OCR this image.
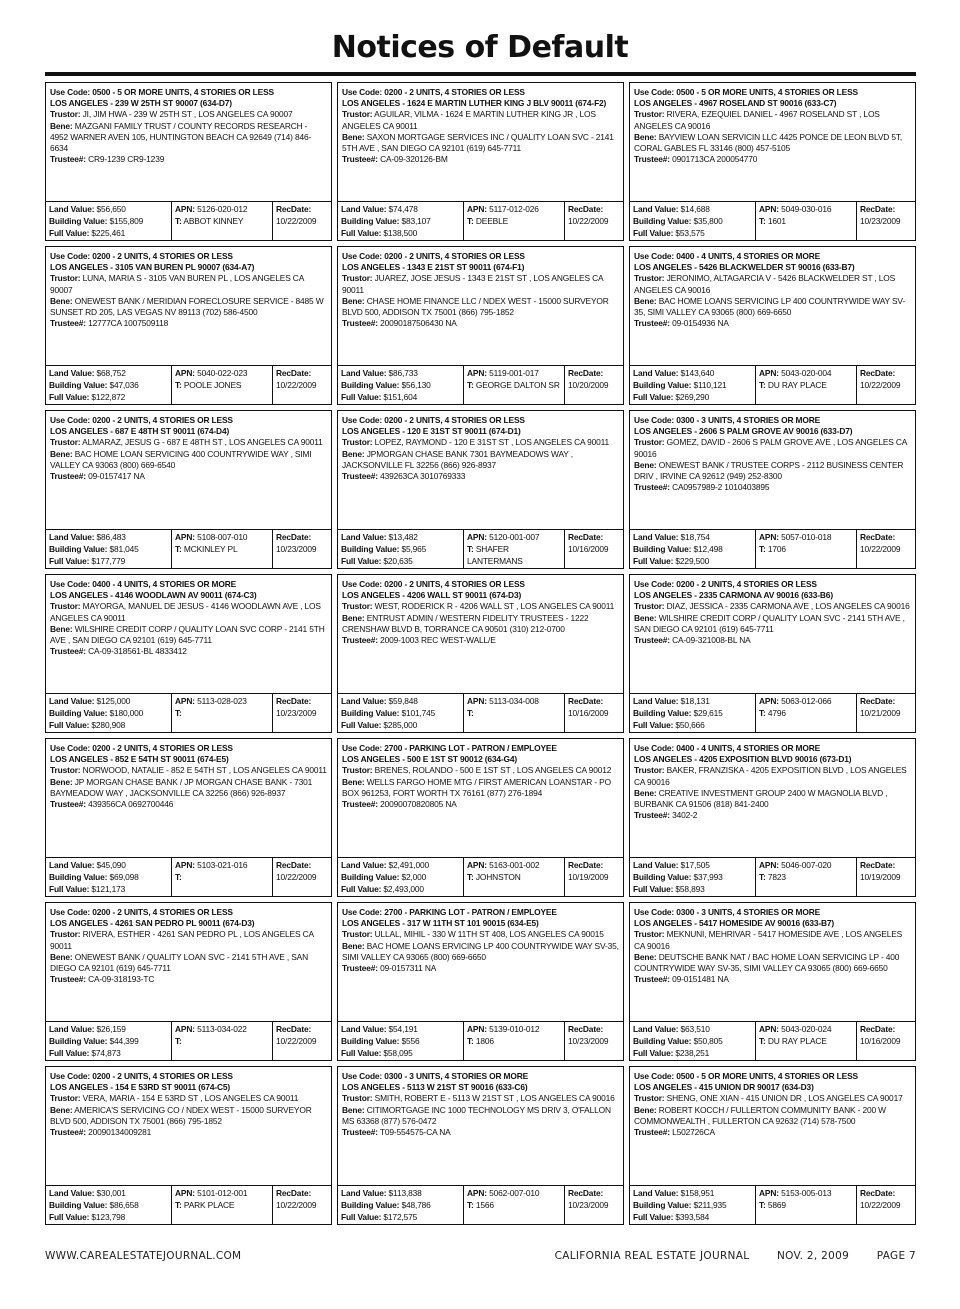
Notices of Default
Use Code: 0500 - 5 OR MORE UNITS, 4 STORIES OR LESS
LOS ANGELES - 239 W 25TH ST 90007 (634-D7)
Trustor: JI, JIM HWA - 239 W 25TH ST , LOS ANGELES CA 90007
Bene: MAZGANI FAMILY TRUST / COUNTY RECORDS RESEARCH - 4952 WARNER AVEN 105, HUNTINGTON BEACH CA 92649 (714) 846-6634
Trustee#: CR9-1239 CR9-1239
Land Value: $56,650
Building Value: $155,809
Full Value: $225,461
APN: 5126-020-012
T: ABBOT KINNEY
RecDate:
10/22/2009
Use Code: 0200 - 2 UNITS, 4 STORIES OR LESS
LOS ANGELES - 3105 VAN BUREN PL 90007 (634-A7)
Trustor: LUNA, MARIA S - 3105 VAN BUREN PL , LOS ANGELES CA 90007
Bene: ONEWEST BANK / MERIDIAN FORECLOSURE SERVICE - 8485 W SUNSET RD 205, LAS VEGAS NV 89113 (702) 586-4500
Trustee#: 12777CA 1007509118
Land Value: $68,752
Building Value: $47,036
Full Value: $122,872
APN: 5040-022-023
T: POOLE JONES
RecDate:
10/22/2009
Use Code: 0200 - 2 UNITS, 4 STORIES OR LESS
LOS ANGELES - 687 E 48TH ST 90011 (674-D4)
Trustor: ALMARAZ, JESUS G - 687 E 48TH ST , LOS ANGELES CA 90011
Bene: BAC HOME LOAN SERVICING 400 COUNTRYWIDE WAY , SIMI VALLEY CA 93063 (800) 669-6540
Trustee#: 09-0157417 NA
Land Value: $86,483
Building Value: $81,045
Full Value: $177,779
APN: 5108-007-010
T: MCKINLEY PL
RecDate:
10/23/2009
Use Code: 0400 - 4 UNITS, 4 STORIES OR MORE
LOS ANGELES - 4146 WOODLAWN AV 90011 (674-C3)
Trustor: MAYORGA, MANUEL DE JESUS - 4146 WOODLAWN AVE , LOS ANGELES CA 90011
Bene: WILSHIRE CREDIT CORP / QUALITY LOAN SVC CORP - 2141 5TH AVE , SAN DIEGO CA 92101 (619) 645-7711
Trustee#: CA-09-318561-BL 4833412
Land Value: $125,000
Building Value: $180,000
Full Value: $280,908
APN: 5113-028-023
T:
RecDate:
10/23/2009
Use Code: 0200 - 2 UNITS, 4 STORIES OR LESS
LOS ANGELES - 852 E 54TH ST 90011 (674-E5)
Trustor: NORWOOD, NATALIE - 852 E 54TH ST , LOS ANGELES CA 90011
Bene: JP MORGAN CHASE BANK / JP MORGAN CHASE BANK - 7301 BAYMEADOW WAY , JACKSONVILLE CA 32256 (866) 926-8937
Trustee#: 439356CA 0692700446
Land Value: $45,090
Building Value: $69,098
Full Value: $121,173
APN: 5103-021-016
T:
RecDate:
10/22/2009
Use Code: 0200 - 2 UNITS, 4 STORIES OR LESS
LOS ANGELES - 4261 SAN PEDRO PL 90011 (674-D3)
Trustor: RIVERA, ESTHER - 4261 SAN PEDRO PL , LOS ANGELES CA 90011
Bene: ONEWEST BANK / QUALITY LOAN SVC - 2141 5TH AVE , SAN DIEGO CA 92101 (619) 645-7711
Trustee#: CA-09-318193-TC
Land Value: $26,159
Building Value: $44,399
Full Value: $74,873
APN: 5113-034-022
T:
RecDate:
10/22/2009
Use Code: 0200 - 2 UNITS, 4 STORIES OR LESS
LOS ANGELES - 154 E 53RD ST 90011 (674-C5)
Trustor: VERA, MARIA - 154 E 53RD ST , LOS ANGELES CA 90011
Bene: AMERICA'S SERVICING CO / NDEX WEST - 15000 SURVEYOR BLVD 500, ADDISON TX 75001 (866) 795-1852
Trustee#: 20090134009281
Land Value: $30,001
Building Value: $86,658
Full Value: $123,798
APN: 5101-012-001
T: PARK PLACE
RecDate:
10/22/2009
Use Code: 0200 - 2 UNITS, 4 STORIES OR LESS
LOS ANGELES - 1624 E MARTIN LUTHER KING J BLV 90011 (674-F2)
Trustor: AGUILAR, VILMA - 1624 E MARTIN LUTHER KING JR , LOS ANGELES CA 90011
Bene: SAXON MORTGAGE SERVICES INC / QUALITY LOAN SVC - 2141 5TH AVE , SAN DIEGO CA 92101 (619) 645-7711
Trustee#: CA-09-320126-BM
Land Value: $74,478
Building Value: $83,107
Full Value: $138,500
APN: 5117-012-026
T: DEEBLE
RecDate:
10/22/2009
Use Code: 0200 - 2 UNITS, 4 STORIES OR LESS
LOS ANGELES - 1343 E 21ST ST 90011 (674-F1)
Trustor: JUAREZ, JOSE JESUS - 1343 E 21ST ST , LOS ANGELES CA 90011
Bene: CHASE HOME FINANCE LLC / NDEX WEST - 15000 SURVEYOR BLVD 500, ADDISON TX 75001 (866) 795-1852
Trustee#: 20090187506430 NA
Land Value: $86,733
Building Value: $56,130
Full Value: $151,604
APN: 5119-001-017
T: GEORGE DALTON SR
RecDate:
10/20/2009
Use Code: 0200 - 2 UNITS, 4 STORIES OR LESS
LOS ANGELES - 120 E 31ST ST 90011 (674-D1)
Trustor: LOPEZ, RAYMOND - 120 E 31ST ST , LOS ANGELES CA 90011
Bene: JPMORGAN CHASE BANK 7301 BAYMEADOWS WAY , JACKSONVILLE FL 32256 (866) 926-8937
Trustee#: 439263CA 3010769333
Land Value: $13,482
Building Value: $5,965
Full Value: $20,635
APN: 5120-001-007
T: SHAFER LANTERMANS
RecDate:
10/16/2009
Use Code: 0200 - 2 UNITS, 4 STORIES OR LESS
LOS ANGELES - 4206 WALL ST 90011 (674-D3)
Trustor: WEST, RODERICK R - 4206 WALL ST , LOS ANGELES CA 90011
Bene: ENTRUST ADMIN / WESTERN FIDELITY TRUSTEES - 1222 CRENSHAW BLVD B, TORRANCE CA 90501 (310) 212-0700
Trustee#: 2009-1003 REC WEST-WALL/E
Land Value: $59,848
Building Value: $101,745
Full Value: $285,000
APN: 5113-034-008
T:
RecDate:
10/16/2009
Use Code: 2700 - PARKING LOT - PATRON / EMPLOYEE
LOS ANGELES - 500 E 1ST ST 90012 (634-G4)
Trustor: BRENES, ROLANDO - 500 E 1ST ST , LOS ANGELES CA 90012
Bene: WELLS FARGO HOME MTG / FIRST AMERICAN LOANSTAR - PO BOX 961253, FORT WORTH TX 76161 (877) 276-1894
Trustee#: 20090070820805 NA
Land Value: $2,491,000
Building Value: $2,000
Full Value: $2,493,000
APN: 5163-001-002
T: JOHNSTON
RecDate:
10/19/2009
Use Code: 2700 - PARKING LOT - PATRON / EMPLOYEE
LOS ANGELES - 317 W 11TH ST 101 90015 (634-E5)
Trustor: ULLAL, MIHIL - 330 W 11TH ST 408, LOS ANGELES CA 90015
Bene: BAC HOME LOANS ERVICING LP 400 COUNTRYWIDE WAY SV-35, SIMI VALLEY CA 93065 (800) 669-6650
Trustee#: 09-0157311 NA
Land Value: $54,191
Building Value: $556
Full Value: $58,095
APN: 5139-010-012
T: 1806
RecDate:
10/23/2009
Use Code: 0300 - 3 UNITS, 4 STORIES OR MORE
LOS ANGELES - 5113 W 21ST ST 90016 (633-C6)
Trustor: SMITH, ROBERT E - 5113 W 21ST ST , LOS ANGELES CA 90016
Bene: CITIMORTGAGE INC 1000 TECHNOLOGY MS DRIV 3, O'FALLON MS 63368 (877) 576-0472
Trustee#: T09-554575-CA NA
Land Value: $113,838
Building Value: $48,786
Full Value: $172,575
APN: 5062-007-010
T: 1566
RecDate:
10/23/2009
Use Code: 0500 - 5 OR MORE UNITS, 4 STORIES OR LESS
LOS ANGELES - 4967 ROSELAND ST 90016 (633-C7)
Trustor: RIVERA, EZEQUIEL DANIEL - 4967 ROSELAND ST , LOS ANGELES CA 90016
Bene: BAYVIEW LOAN SERVICIN LLC 4425 PONCE DE LEON BLVD 5T, CORAL GABLES FL 33146 (800) 457-5105
Trustee#: 0901713CA 200054770
Land Value: $14,688
Building Value: $35,800
Full Value: $53,575
APN: 5049-030-016
T: 1601
RecDate:
10/23/2009
Use Code: 0400 - 4 UNITS, 4 STORIES OR MORE
LOS ANGELES - 5426 BLACKWELDER ST 90016 (633-B7)
Trustor: JERONIMO, ALTAGARCIA V - 5426 BLACKWELDER ST , LOS ANGELES CA 90016
Bene: BAC HOME LOANS SERVICING LP 400 COUNTRYWIDE WAY SV-35, SIMI VALLEY CA 93065 (800) 669-6650
Trustee#: 09-0154936 NA
Land Value: $143,640
Building Value: $110,121
Full Value: $269,290
APN: 5043-020-004
T: DU RAY PLACE
RecDate:
10/22/2009
Use Code: 0300 - 3 UNITS, 4 STORIES OR MORE
LOS ANGELES - 2606 S PALM GROVE AV 90016 (633-D7)
Trustor: GOMEZ, DAVID - 2606 S PALM GROVE AVE , LOS ANGELES CA 90016
Bene: ONEWEST BANK / TRUSTEE CORPS - 2112 BUSINESS CENTER DRIV , IRVINE CA 92612 (949) 252-8300
Trustee#: CA0957989-2 1010403895
Land Value: $18,754
Building Value: $12,498
Full Value: $229,500
APN: 5057-010-018
T: 1706
RecDate:
10/22/2009
Use Code: 0200 - 2 UNITS, 4 STORIES OR LESS
LOS ANGELES - 2335 CARMONA AV 90016 (633-B6)
Trustor: DIAZ, JESSICA - 2335 CARMONA AVE , LOS ANGELES CA 90016
Bene: WILSHIRE CREDIT CORP / QUALITY LOAN SVC - 2141 5TH AVE , SAN DIEGO CA 92101 (619) 645-7711
Trustee#: CA-09-321008-BL NA
Land Value: $18,131
Building Value: $29,615
Full Value: $50,666
APN: 5063-012-066
T: 4796
RecDate:
10/21/2009
Use Code: 0400 - 4 UNITS, 4 STORIES OR MORE
LOS ANGELES - 4205 EXPOSITION BLVD 90016 (673-D1)
Trustor: BAKER, FRANZISKA - 4205 EXPOSITION BLVD , LOS ANGELES CA 90016
Bene: CREATIVE INVESTMENT GROUP 2400 W MAGNOLIA BLVD , BURBANK CA 91506 (818) 841-2400
Trustee#: 3402-2
Land Value: $17,505
Building Value: $37,993
Full Value: $58,893
APN: 5046-007-020
T: 7823
RecDate:
10/19/2009
Use Code: 0300 - 3 UNITS, 4 STORIES OR MORE
LOS ANGELES - 5417 HOMESIDE AV 90016 (633-B7)
Trustor: MEKNUNI, MEHRIVAR - 5417 HOMESIDE AVE , LOS ANGELES CA 90016
Bene: DEUTSCHE BANK NAT / BAC HOME LOAN SERVICING LP - 400 COUNTRYWIDE WAY SV-35, SIMI VALLEY CA 93065 (800) 669-6650
Trustee#: 09-0151481 NA
Land Value: $63,510
Building Value: $50,805
Full Value: $238,251
APN: 5043-020-024
T: DU RAY PLACE
RecDate:
10/16/2009
Use Code: 0500 - 5 OR MORE UNITS, 4 STORIES OR LESS
LOS ANGELES - 415 UNION DR 90017 (634-D3)
Trustor: SHENG, ONE XIAN - 415 UNION DR , LOS ANGELES CA 90017
Bene: ROBERT KOCCH / FULLERTON COMMUNITY BANK - 200 W COMMONWEALTH , FULLERTON CA 92632 (714) 578-7500
Trustee#: L502726CA
Land Value: $158,951
Building Value: $211,935
Full Value: $393,584
APN: 5153-005-013
T: 5869
RecDate:
10/22/2009
WWW.CAREALESTATEJOURNAL.COM	CALIFORNIA REAL ESTATE JOURNAL	NOV. 2, 2009	PAGE 7
